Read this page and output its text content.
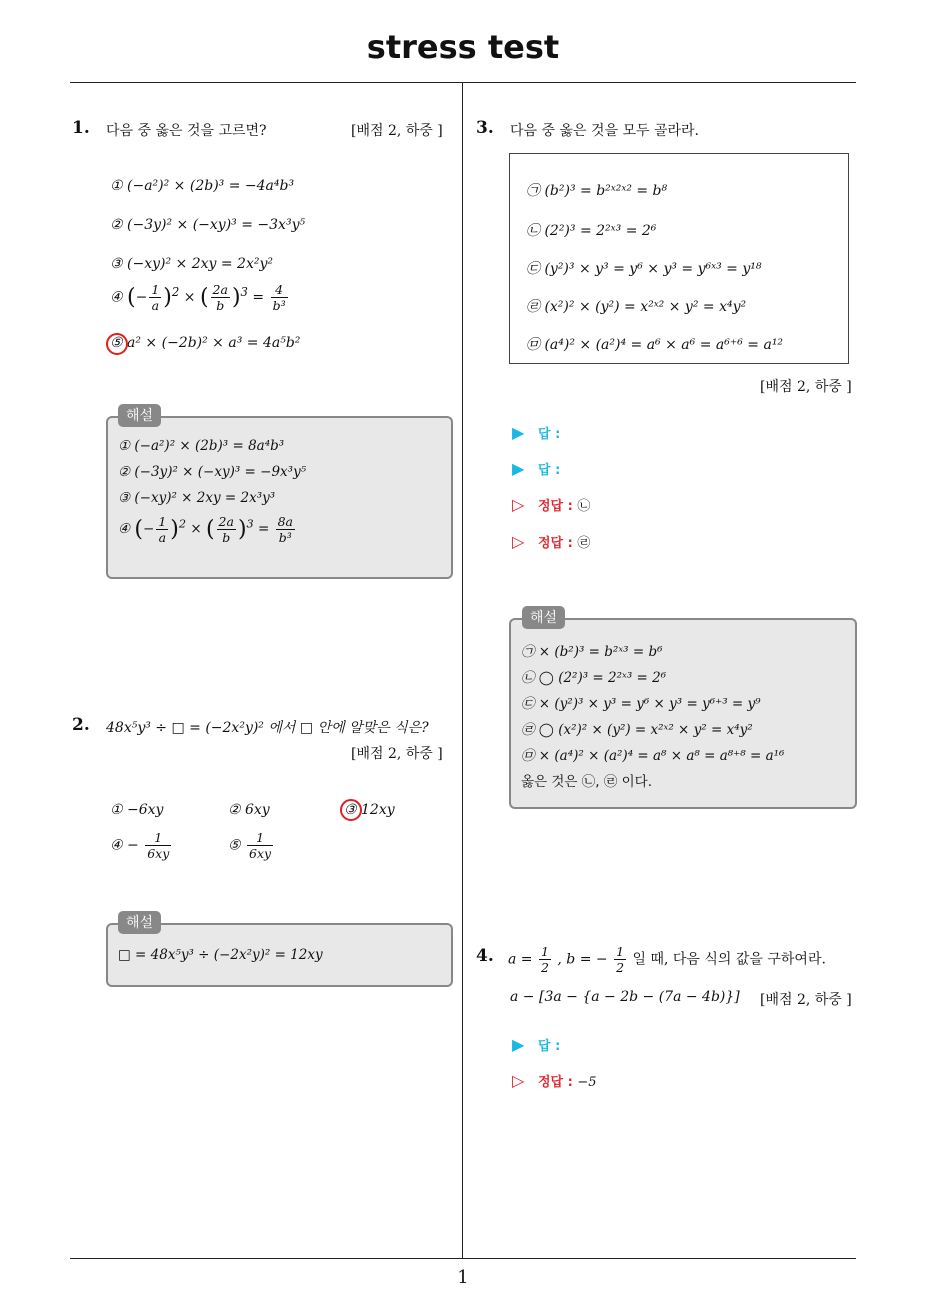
stress test
1
1. 다음 중 옳은 것을 고르면?	[배점 2, 하중 ]
① (−a²)² × (2b)³ = −4a⁴b³
② (−3y)² × (−xy)³ = −3x³y⁵
③ (−xy)² × 2xy = 2x²y²
④ (− $\frac{1}{a} )^2$ × ( $\frac{2a}{b} )^3 = \frac{4}{\text{b³}}$
⑤ a² × (−2b)² × a³ = 4a⁵b²
① (−a²)² × (2b)³ = 8a⁴b³
② (−3y)² × (−xy)³ = −9x³y⁵
③ (−xy)² × 2xy = 2x³y³
④ (− $\frac{1}{a} )^2$ × ( $\frac{2a}{b} )^3 = \frac{8a}{\text{b³}}$
해설
2. 48x⁵y³ ÷ □ = (−2x²y)² 에서 □ 안에 알맞은 식은?
[배점 2, 하중 ]
① −6xy	② 6xy	③ 12xy
④ − $\frac{1}{6xy}$	⑤ $\frac{1}{6xy}$
□ = 48x⁵y³ ÷ (−2x²y)² = 12xy
해설
3. 다음 중 옳은 것을 모두 골라라.
㉠ (b²)³ = b²ˣ²ˣ² = b⁸
㉡ (2²)³ = 2²ˣ³ = 2⁶
㉢ (y²)³ × y³ = y⁶ × y³ = y⁶ˣ³ = y¹⁸
㉣ (x²)² × (y²) = x²ˣ² × y² = x⁴y²
㉤ (a⁴)² × (a²)⁴ = a⁶ × a⁶ = a⁶⁺⁶ = a¹²
[배점 2, 하중 ]
▶ 답 :
▶ 답 :
▷ 정답 : ㉡
▷ 정답 : ㉣
㉠ × (b²)³ = b²ˣ³ = b⁶
㉡ ◯ (2²)³ = 2²ˣ³ = 2⁶
㉢ × (y²)³ × y³ = y⁶ × y³ = y⁶⁺³ = y⁹
㉣ ◯ (x²)² × (y²) = x²ˣ² × y² = x⁴y²
㉤ × (a⁴)² × (a²)⁴ = a⁸ × a⁸ = a⁸⁺⁸ = a¹⁶
옳은 것은 ㉡, ㉣ 이다.
해설
4. $a = \frac{1}{2}$ , b = − $\frac{1}{2}$ 일 때, 다음 식의 값을 구하여라.
a − [3a − {a − 2b − (7a − 4b)}] [배점 2, 하중 ]
▶ 답 :
▷ 정답 : −5
